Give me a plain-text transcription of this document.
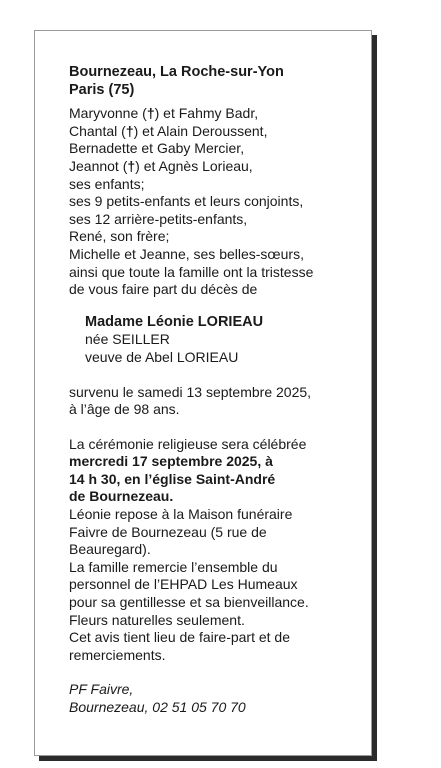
Bournezeau, La Roche-sur-Yon
Paris (75)
Maryvonne (†) et Fahmy Badr,
Chantal (†) et Alain Deroussent,
Bernadette et Gaby Mercier,
Jeannot (†) et Agnès Lorieau,
ses enfants;
ses 9 petits-enfants et leurs conjoints,
ses 12 arrière-petits-enfants,
René, son frère;
Michelle et Jeanne, ses belles-sœurs,
ainsi que toute la famille ont la tristesse
de vous faire part du décès de
Madame Léonie LORIEAU
née SEILLER
veuve de Abel LORIEAU
survenu le samedi 13 septembre 2025,
à l’âge de 98 ans.
La cérémonie religieuse sera célébrée
mercredi 17 septembre 2025, à
14 h 30, en l’église Saint-André
de Bournezeau.
Léonie repose à la Maison funéraire
Faivre de Bournezeau (5 rue de
Beauregard).
La famille remercie l’ensemble du
personnel de l’EHPAD Les Humeaux
pour sa gentillesse et sa bienveillance.
Fleurs naturelles seulement.
Cet avis tient lieu de faire-part et de
remerciements.
PF Faivre,
Bournezeau, 02 51 05 70 70
